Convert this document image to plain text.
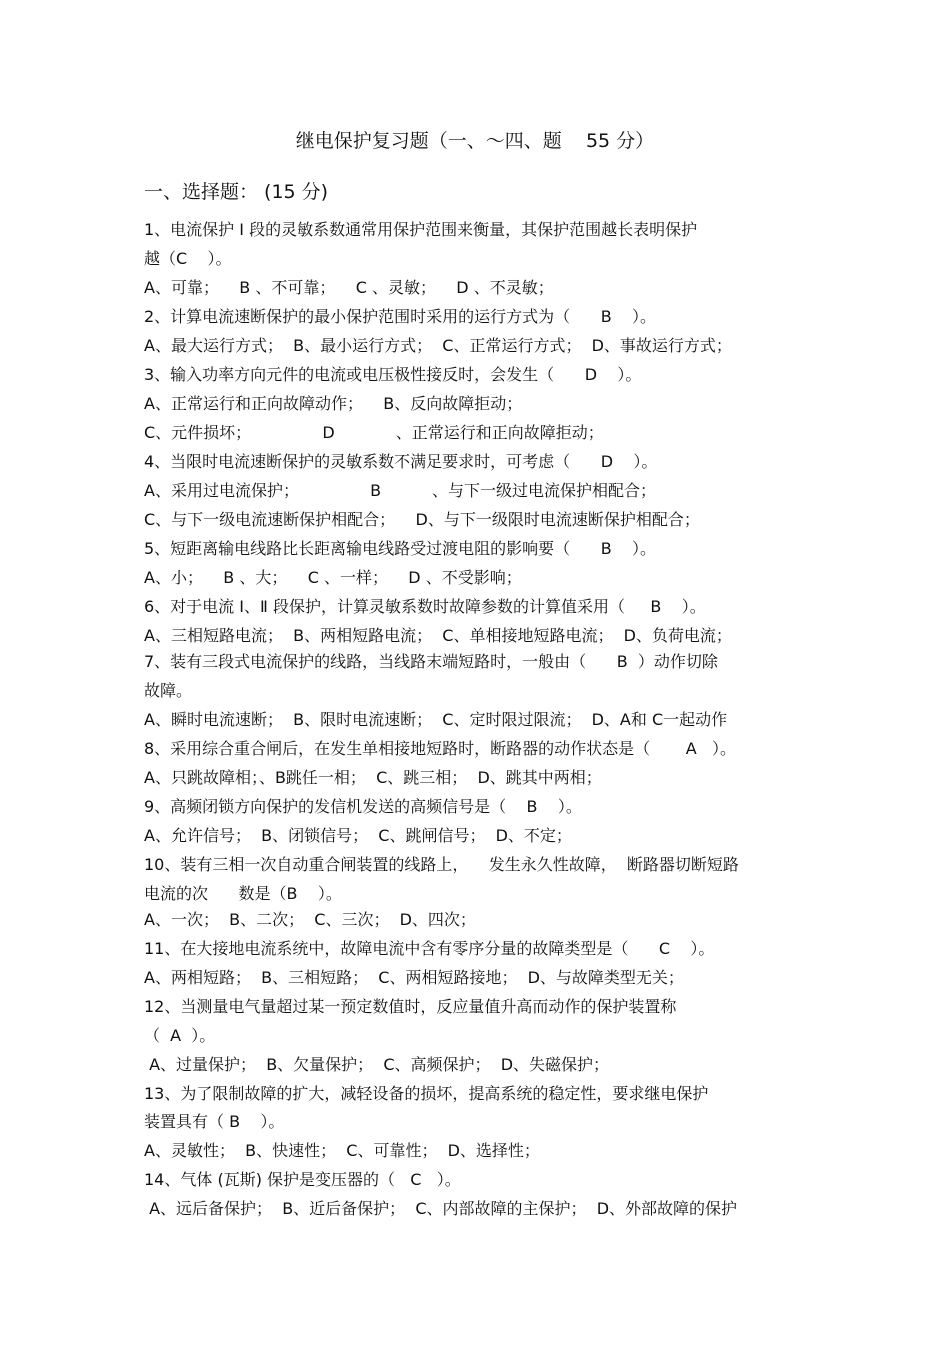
继电保护复习题（一、～四、题    55 分）
一、选择题： (15 分)
1、电流保护 Ⅰ 段的灵敏系数通常用保护范围来衡量，其保护范围越长表明保护
越（C    ）。
A、可靠；    B 、不可靠；    C 、灵敏；    D 、不灵敏；
2、计算电流速断保护的最小保护范围时采用的运行方式为（      B    ）。
A、最大运行方式；  B、最小运行方式；  C、正常运行方式；  D、事故运行方式；
3、输入功率方向元件的电流或电压极性接反时，会发生（      D    ）。
A、正常运行和正向故障动作；    B、反向故障拒动；
C、元件损坏；              D            、正常运行和正向故障拒动；
4、当限时电流速断保护的灵敏系数不满足要求时，可考虑（      D    ）。
A、采用过电流保护；              B          、与下一级过电流保护相配合；
C、与下一级电流速断保护相配合；    D、与下一级限时电流速断保护相配合；
5、短距离输电线路比长距离输电线路受过渡电阻的影响要（      B    ）。
A、小；    B 、大；    C 、一样；    D 、不受影响；
6、对于电流 Ⅰ、Ⅱ 段保护，计算灵敏系数时故障参数的计算值采用（     B    ）。
A、三相短路电流；  B、两相短路电流；  C、单相接地短路电流；  D、负荷电流；
7、装有三段式电流保护的线路，当线路末端短路时，一般由（      B  ）动作切除
故障。
A、瞬时电流速断；  B、限时电流速断；  C、定时限过限流；  D、A和 C一起动作
8、采用综合重合闸后，在发生单相接地短路时，断路器的动作状态是（       A   ）。
A、只跳故障相；、B跳任一相；  C、跳三相；  D、跳其中两相；
9、高频闭锁方向保护的发信机发送的高频信号是（    B    ）。
A、允许信号；  B、闭锁信号；  C、跳闸信号；  D、不定；
10、装有三相一次自动重合闸装置的线路上，    发生永久性故障，  断路器切断短路
电流的次      数是（B    ）。
A、一次；  B、二次；  C、三次；  D、四次；
11、在大接地电流系统中，故障电流中含有零序分量的故障类型是（      C    ）。
A、两相短路；  B、三相短路；  C、两相短路接地；  D、与故障类型无关；
12、当测量电气量超过某一预定数值时，反应量值升高而动作的保护装置称
（  A  ）。
A、过量保护；  B、欠量保护；  C、高频保护；  D、失磁保护；
13、为了限制故障的扩大，减轻设备的损坏，提高系统的稳定性，要求继电保护
装置具有（ B    ）。
A、灵敏性；  B、快速性；  C、可靠性；  D、选择性；
14、气体 (瓦斯) 保护是变压器的（   C   ）。
A、远后备保护；  B、近后备保护；  C、内部故障的主保护；  D、外部故障的保护
